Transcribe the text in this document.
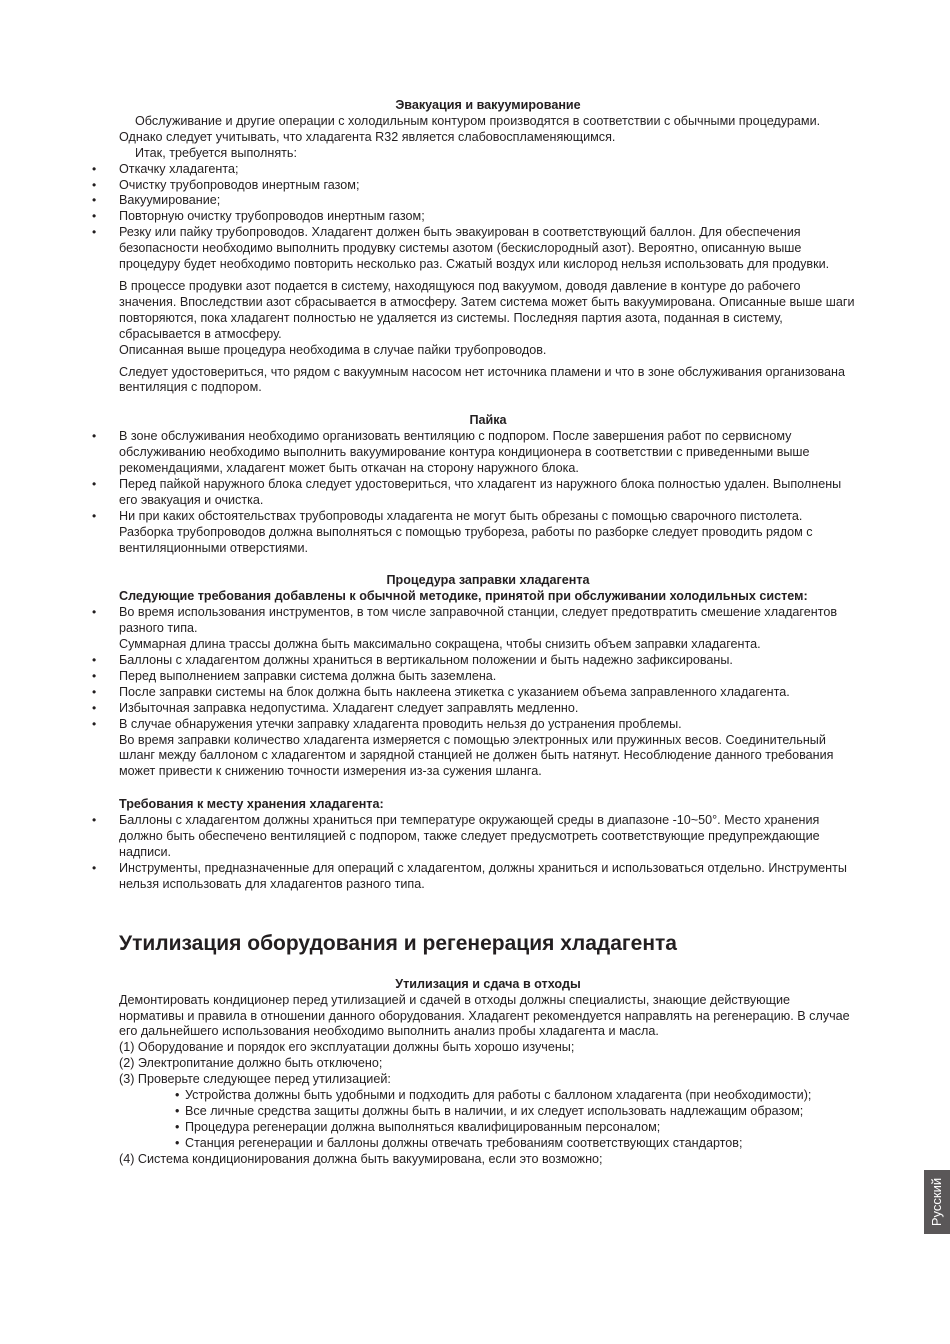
Эвакуация и вакуумирование

Обслуживание и другие операции с холодильным контуром производятся в соответствии с обычными процедурами. Однако следует учитывать, что хладагента R32 является слабовоспламеняющимся.

Итак, требуется выполнять:

• Откачку хладагента;
• Очистку трубопроводов инертным газом;
• Вакуумирование;
• Повторную очистку трубопроводов инертным газом;
• Резку или пайку трубопроводов. Хладагент должен быть эвакуирован в соответствующий баллон. Для обеспечения безопасности необходимо выполнить продувку системы азотом (бескислородный азот). Вероятно, описанную выше процедуру будет необходимо повторить несколько раз. Сжатый воздух или кислород нельзя использовать для продувки.

В процессе продувки азот подается в систему, находящуюся под вакуумом, доводя давление в контуре до рабочего значения. Впоследствии азот сбрасывается в атмосферу. Затем система может быть вакуумирована. Описанные выше шаги повторяются, пока хладагент полностью не удаляется из системы. Последняя партия азота, поданная в систему, сбрасывается в атмосферу.

Описанная выше процедура необходима в случае пайки трубопроводов.

Следует удостовериться, что рядом с вакуумным насосом нет источника пламени и что в зоне обслуживания организована вентиляция с подпором.

Пайка

• В зоне обслуживания необходимо организовать вентиляцию с подпором. После завершения работ по сервисному обслуживанию необходимо выполнить вакуумирование контура кондиционера в соответствии с приведенными выше рекомендациями, хладагент может быть откачан на сторону наружного блока.
• Перед пайкой наружного блока следует удостовериться, что хладагент из наружного блока полностью удален. Выполнены его эвакуация и очистка.
• Ни при каких обстоятельствах трубопроводы хладагента не могут быть обрезаны с помощью сварочного пистолета. Разборка трубопроводов должна выполняться с помощью трубореза, работы по разборке следует проводить рядом с вентиляционными отверстиями.

Процедура заправки хладагента

Следующие требования добавлены к обычной методике, принятой при обслуживании холодильных систем:

• Во время использования инструментов, в том числе заправочной станции, следует предотвратить смешение хладагентов разного типа.

Суммарная длина трассы должна быть максимально сокращена, чтобы снизить объем заправки хладагента.

• Баллоны с хладагентом должны храниться в вертикальном положении и быть надежно зафиксированы.
• Перед выполнением заправки система должна быть заземлена.
• После заправки системы на блок должна быть наклеена этикетка с указанием объема заправленного хладагента.
• Избыточная заправка недопустима. Хладагент следует заправлять медленно.
• В случае обнаружения утечки заправку хладагента проводить нельзя до устранения проблемы.

Во время заправки количество хладагента измеряется с помощью электронных или пружинных весов. Соединительный шланг между баллоном с хладагентом и зарядной станцией не должен быть натянут. Несоблюдение данного требования может привести к снижению точности измерения из-за сужения шланга.

Требования к месту хранения хладагента:

• Баллоны с хладагентом должны храниться при температуре окружающей среды в диапазоне -10~50°. Место хранения должно быть обеспечено вентиляцией с подпором, также следует предусмотреть соответствующие предупреждающие надписи.
• Инструменты, предназначенные для операций с хладагентом, должны храниться и использоваться отдельно. Инструменты нельзя использовать для хладагентов разного типа.

Утилизация оборудования и регенерация хладагента

Утилизация и сдача в отходы

Демонтировать кондиционер перед утилизацией и сдачей в отходы должны специалисты, знающие действующие нормативы и правила в отношении данного оборудования. Хладагент рекомендуется направлять на регенерацию. В случае его дальнейшего использования необходимо выполнить анализ пробы хладагента и масла.

(1) Оборудование и порядок его эксплуатации должны быть хорошо изучены;

(2) Электропитание должно быть отключено;

(3) Проверьте следующее перед утилизацией:

• Устройства должны быть удобными и подходить для работы с баллоном хладагента (при необходимости);
• Все личные средства защиты должны быть в наличии, и их следует использовать надлежащим образом;
• Процедура регенерации должна выполняться квалифицированным персоналом;
• Станция регенерации и баллоны должны отвечать требованиям соответствующих стандартов;

(4) Система кондиционирования должна быть вакуумирована, если это возможно;

Русский
